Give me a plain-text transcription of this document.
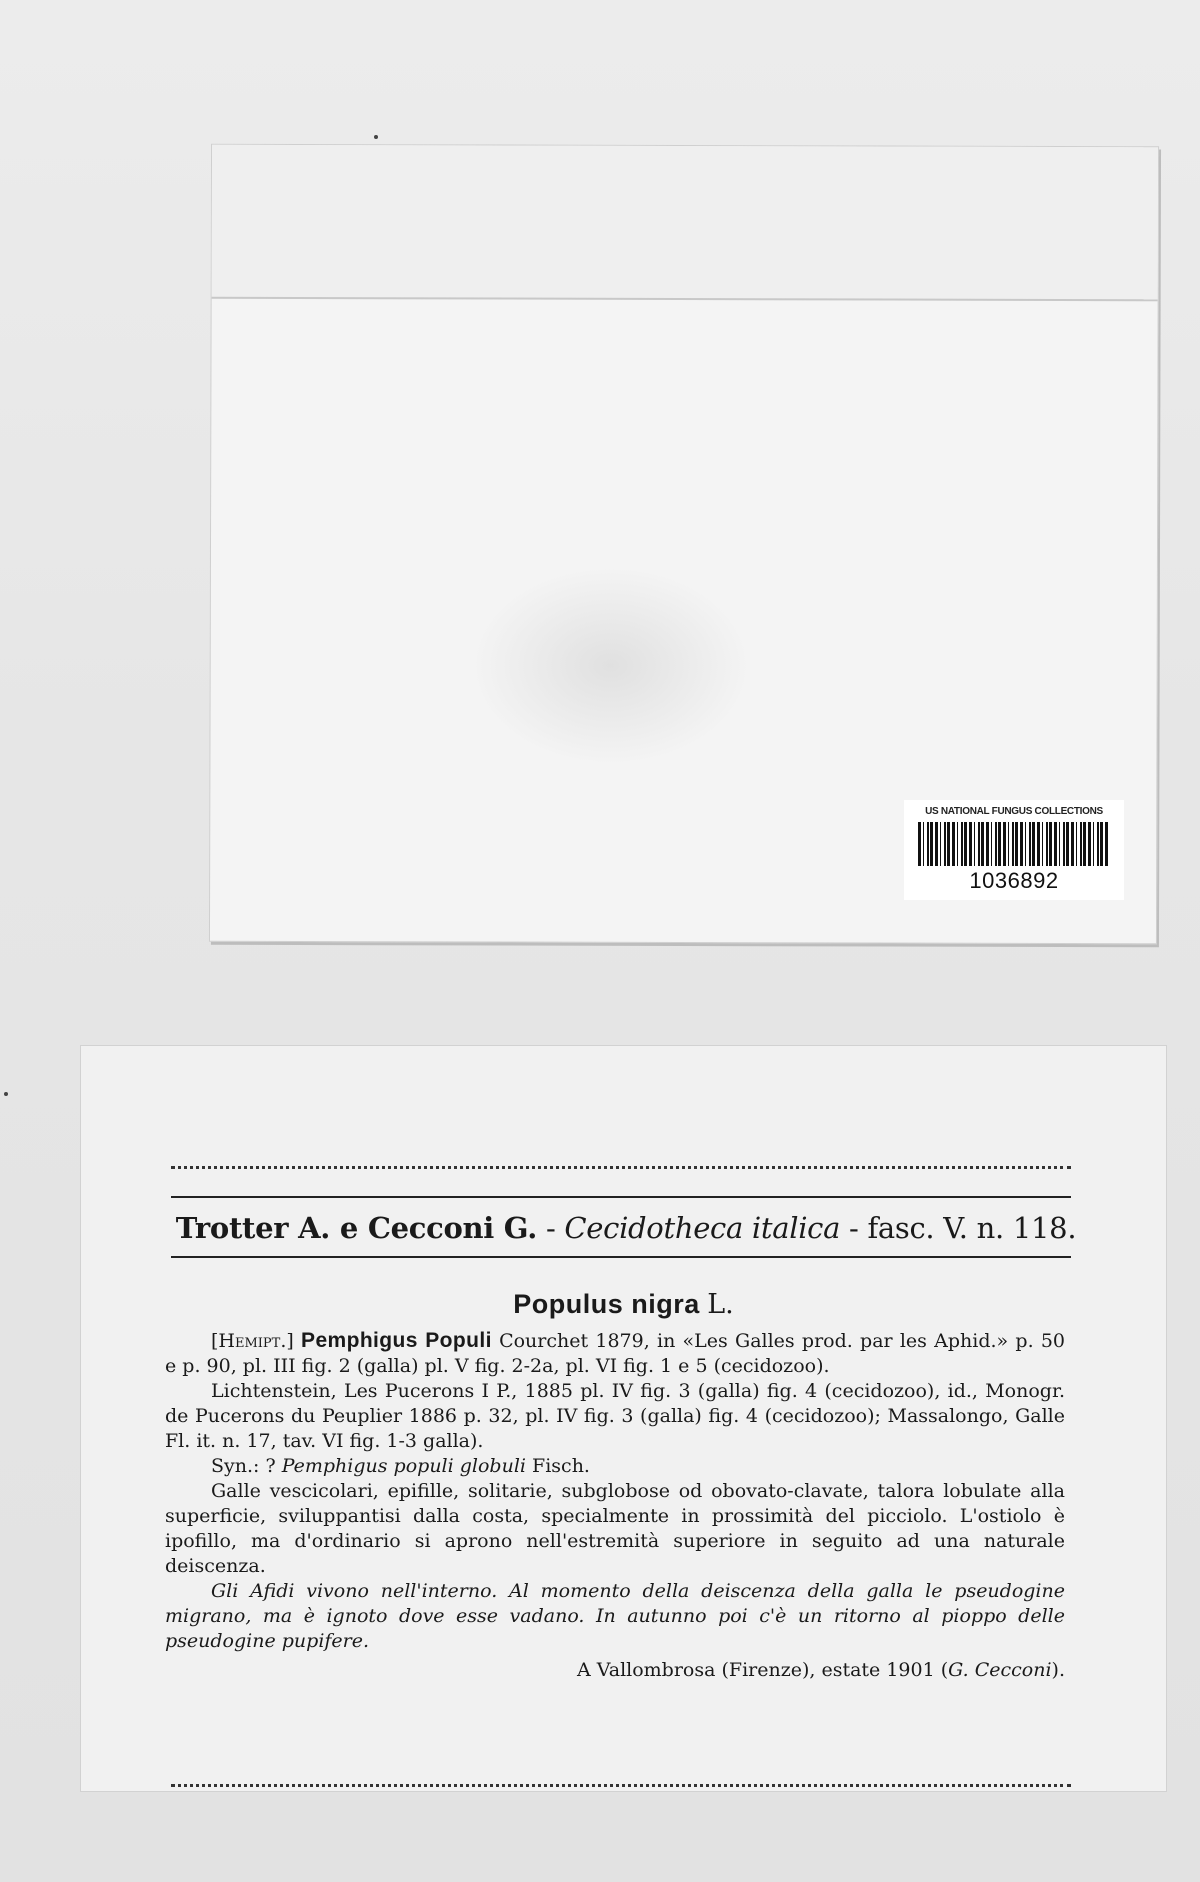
US NATIONAL FUNGUS COLLECTIONS
1036892
Trotter A. e Cecconi G. - Cecidotheca italica - fasc. V. n. 118.
Populus nigra L.

[Hemipt.] Pemphigus Populi Courchet 1879, in «Les Galles prod. par les Aphid.» p. 50 e p. 90, pl. III fig. 2 (galla) pl. V fig. 2-2a, pl. VI fig. 1 e 5 (cecidozoo).

Lichtenstein, Les Pucerons I P., 1885 pl. IV fig. 3 (galla) fig. 4 (cecidozoo), id., Monogr. de Pucerons du Peuplier 1886 p. 32, pl. IV fig. 3 (galla) fig. 4 (cecidozoo); Massalongo, Galle Fl. it. n. 17, tav. VI fig. 1-3 galla).

Syn.: ? Pemphigus populi globuli Fisch.

Galle vescicolari, epifille, solitarie, subglobose od obovato-clavate, talora lobulate alla superficie, sviluppantisi dalla costa, specialmente in prossimità del picciolo. L'ostiolo è ipofillo, ma d'ordinario si aprono nell'estremità superiore in seguito ad una naturale deiscenza.

Gli Afidi vivono nell'interno. Al momento della deiscenza della galla le pseudogine migrano, ma è ignoto dove esse vadano. In autunno poi c'è un ritorno al pioppo delle pseudogine pupifere.

A Vallombrosa (Firenze), estate 1901 (G. Cecconi).
